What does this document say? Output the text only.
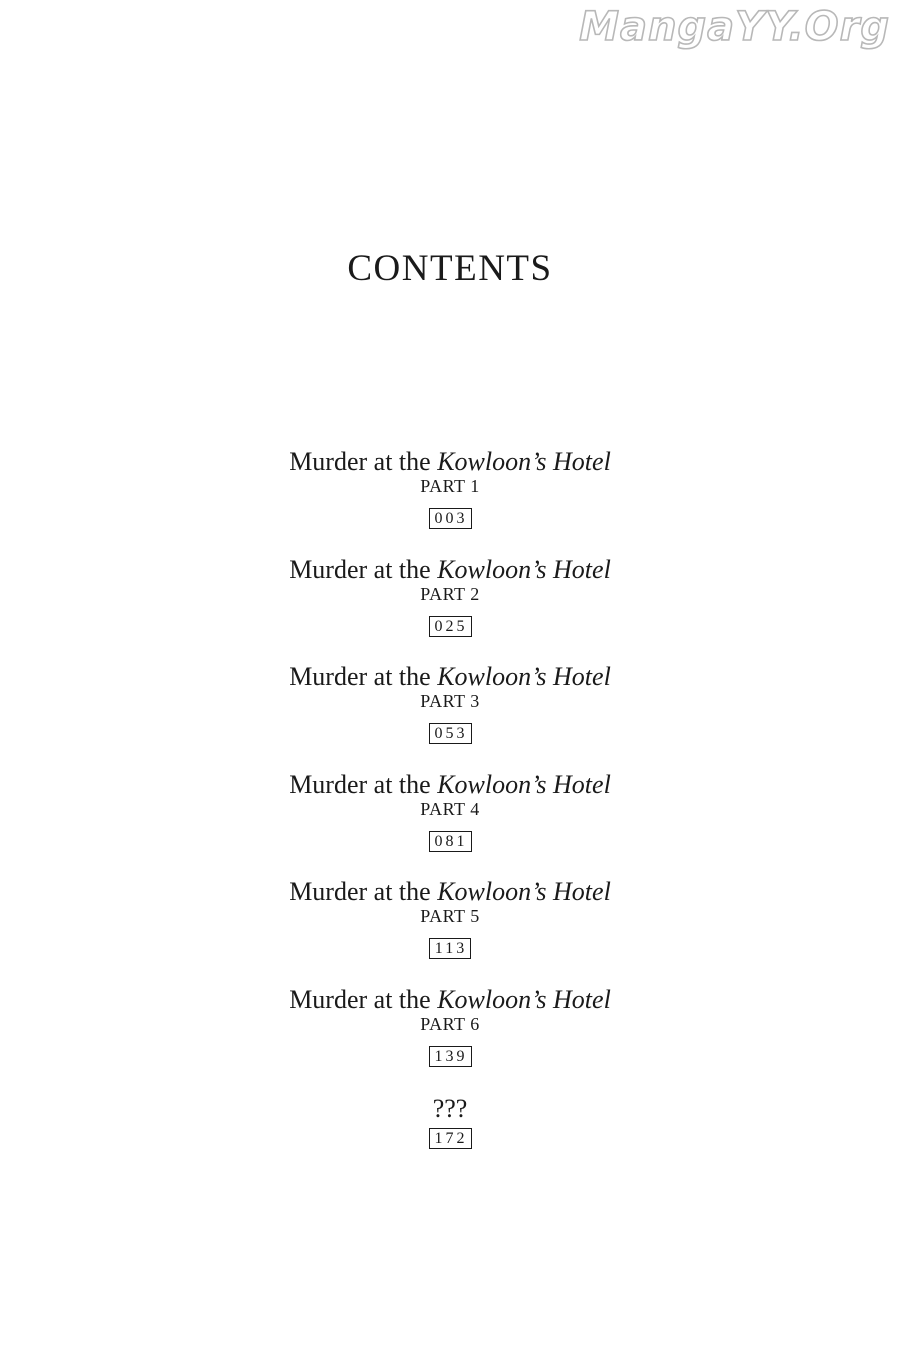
MangaYY.Org
CONTENTS
Murder at the Kowloon’s Hotel
PART 1
003
Murder at the Kowloon’s Hotel
PART 2
025
Murder at the Kowloon’s Hotel
PART 3
053
Murder at the Kowloon’s Hotel
PART 4
081
Murder at the Kowloon’s Hotel
PART 5
113
Murder at the Kowloon’s Hotel
PART 6
139
???
172
